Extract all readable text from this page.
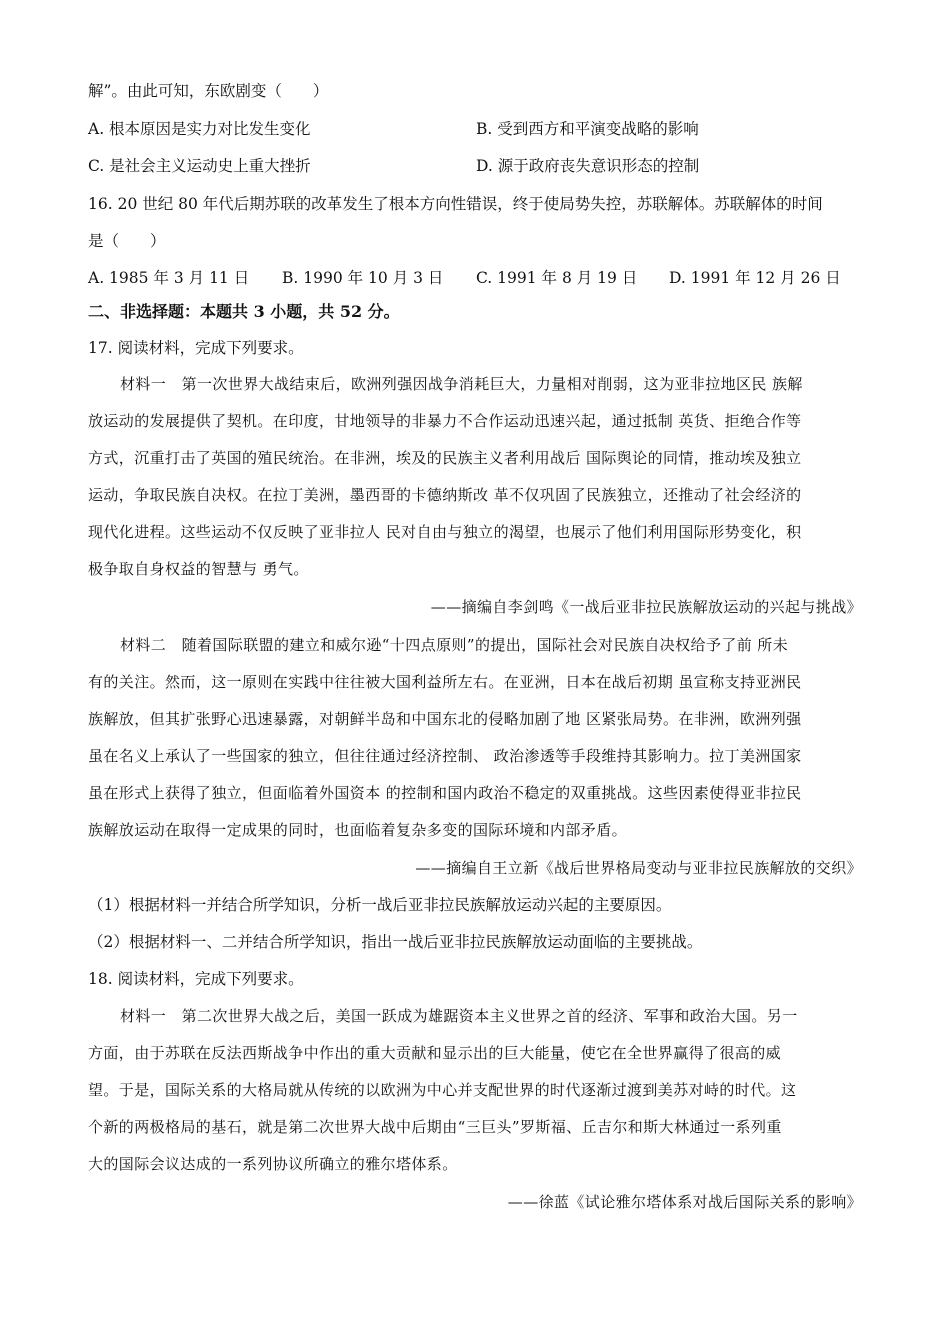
解”。由此可知，东欧剧变（　　）
A. 根本原因是实力对比发生变化	B. 受到西方和平演变战略的影响
C. 是社会主义运动史上重大挫折	D. 源于政府丧失意识形态的控制
16. 20 世纪 80 年代后期苏联的改革发生了根本方向性错误，终于使局势失控，苏联解体。苏联解体的时间
是（　　）
A. 1985 年 3 月 11 日 B. 1990 年 10 月 3 日 C. 1991 年 8 月 19 日 D. 1991 年 12 月 26 日
二、非选择题：本题共 3 小题，共 52 分。
17. 阅读材料，完成下列要求。
材料一　第一次世界大战结束后，欧洲列强因战争消耗巨大，力量相对削弱，这为亚非拉地区民 族解
放运动的发展提供了契机。在印度，甘地领导的非暴力不合作运动迅速兴起，通过抵制 英货、拒绝合作等
方式，沉重打击了英国的殖民统治。在非洲，埃及的民族主义者利用战后 国际舆论的同情，推动埃及独立
运动，争取民族自决权。在拉丁美洲，墨西哥的卡德纳斯改 革不仅巩固了民族独立，还推动了社会经济的
现代化进程。这些运动不仅反映了亚非拉人 民对自由与独立的渴望，也展示了他们利用国际形势变化，积
极争取自身权益的智慧与 勇气。
——摘编自李剑鸣《一战后亚非拉民族解放运动的兴起与挑战》
材料二　随着国际联盟的建立和威尔逊“十四点原则”的提出，国际社会对民族自决权给予了前 所未
有的关注。然而，这一原则在实践中往往被大国利益所左右。在亚洲，日本在战后初期 虽宣称支持亚洲民
族解放，但其扩张野心迅速暴露，对朝鲜半岛和中国东北的侵略加剧了地 区紧张局势。在非洲，欧洲列强
虽在名义上承认了一些国家的独立，但往往通过经济控制、 政治渗透等手段维持其影响力。拉丁美洲国家
虽在形式上获得了独立，但面临着外国资本 的控制和国内政治不稳定的双重挑战。这些因素使得亚非拉民
族解放运动在取得一定成果的同时，也面临着复杂多变的国际环境和内部矛盾。
——摘编自王立新《战后世界格局变动与亚非拉民族解放的交织》
（1）根据材料一并结合所学知识，分析一战后亚非拉民族解放运动兴起的主要原因。
（2）根据材料一、二并结合所学知识，指出一战后亚非拉民族解放运动面临的主要挑战。
18. 阅读材料，完成下列要求。
材料一　第二次世界大战之后，美国一跃成为雄踞资本主义世界之首的经济、军事和政治大国。另一
方面，由于苏联在反法西斯战争中作出的重大贡献和显示出的巨大能量，使它在全世界赢得了很高的威
望。于是，国际关系的大格局就从传统的以欧洲为中心并支配世界的时代逐渐过渡到美苏对峙的时代。这
个新的两极格局的基石，就是第二次世界大战中后期由“三巨头”罗斯福、丘吉尔和斯大林通过一系列重
大的国际会议达成的一系列协议所确立的雅尔塔体系。
——徐蓝《试论雅尔塔体系对战后国际关系的影响》
